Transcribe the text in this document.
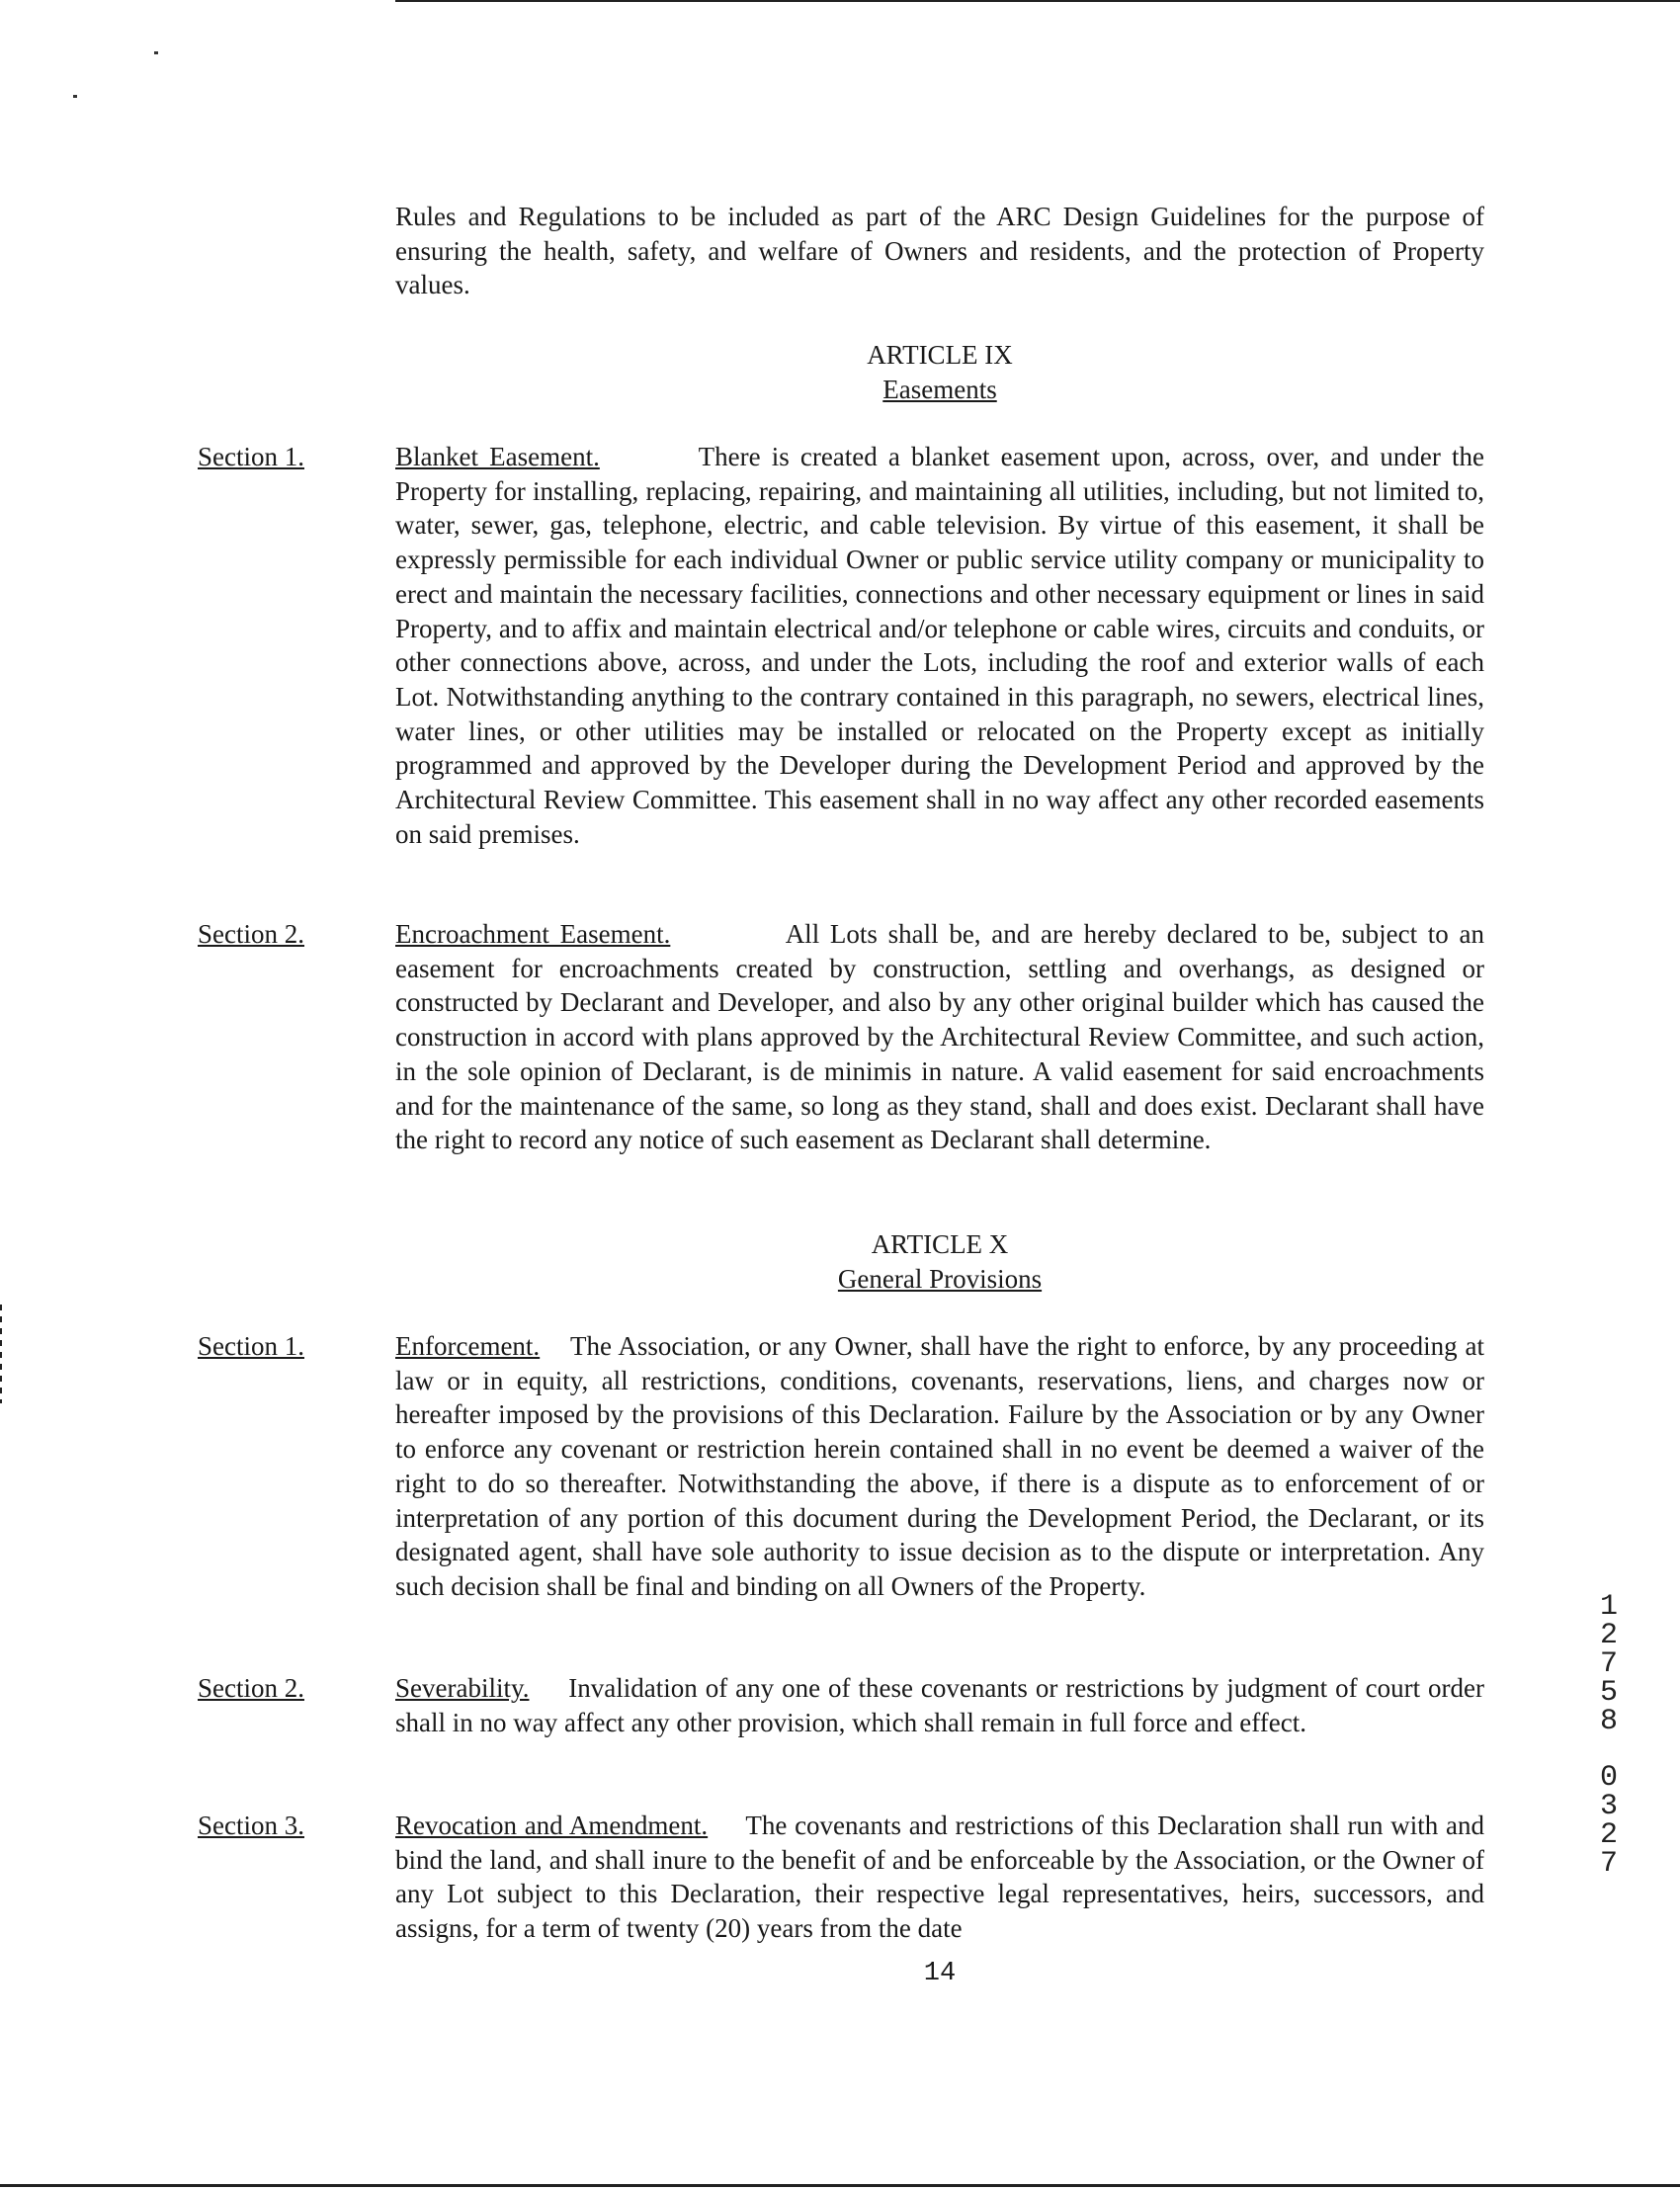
Rules and Regulations to be included as part of the ARC Design Guidelines for the purpose of ensuring the health, safety, and welfare of Owners and residents, and the protection of Property values.
ARTICLE IX
Easements
Section 1.	Blanket Easement.	There is created a blanket easement upon, across, over, and under the Property for installing, replacing, repairing, and maintaining all utilities, including, but not limited to, water, sewer, gas, telephone, electric, and cable television. By virtue of this easement, it shall be expressly permissible for each individual Owner or public service utility company or municipality to erect and maintain the necessary facilities, connections and other necessary equipment or lines in said Property, and to affix and maintain electrical and/or telephone or cable wires, circuits and conduits, or other connections above, across, and under the Lots, including the roof and exterior walls of each Lot. Notwithstanding anything to the contrary contained in this paragraph, no sewers, electrical lines, water lines, or other utilities may be installed or relocated on the Property except as initially programmed and approved by the Developer during the Development Period and approved by the Architectural Review Committee. This easement shall in no way affect any other recorded easements on said premises.
Section 2.	Encroachment Easement.	All Lots shall be, and are hereby declared to be, subject to an easement for encroachments created by construction, settling and overhangs, as designed or constructed by Declarant and Developer, and also by any other original builder which has caused the construction in accord with plans approved by the Architectural Review Committee, and such action, in the sole opinion of Declarant, is de minimis in nature. A valid easement for said encroachments and for the maintenance of the same, so long as they stand, shall and does exist. Declarant shall have the right to record any notice of such easement as Declarant shall determine.
ARTICLE X
General Provisions
Section 1.	Enforcement. The Association, or any Owner, shall have the right to enforce, by any proceeding at law or in equity, all restrictions, conditions, covenants, reservations, liens, and charges now or hereafter imposed by the provisions of this Declaration. Failure by the Association or by any Owner to enforce any covenant or restriction herein contained shall in no event be deemed a waiver of the right to do so thereafter. Notwithstanding the above, if there is a dispute as to enforcement of or interpretation of any portion of this document during the Development Period, the Declarant, or its designated agent, shall have sole authority to issue decision as to the dispute or interpretation. Any such decision shall be final and binding on all Owners of the Property.
Section 2.	Severability. Invalidation of any one of these covenants or restrictions by judgment of court order shall in no way affect any other provision, which shall remain in full force and effect.
Section 3.	Revocation and Amendment. The covenants and restrictions of this Declaration shall run with and bind the land, and shall inure to the benefit of and be enforceable by the Association, or the Owner of any Lot subject to this Declaration, their respective legal representatives, heirs, successors, and assigns, for a term of twenty (20) years from the date
14
1
2
7
5
8
0
3
2
7
